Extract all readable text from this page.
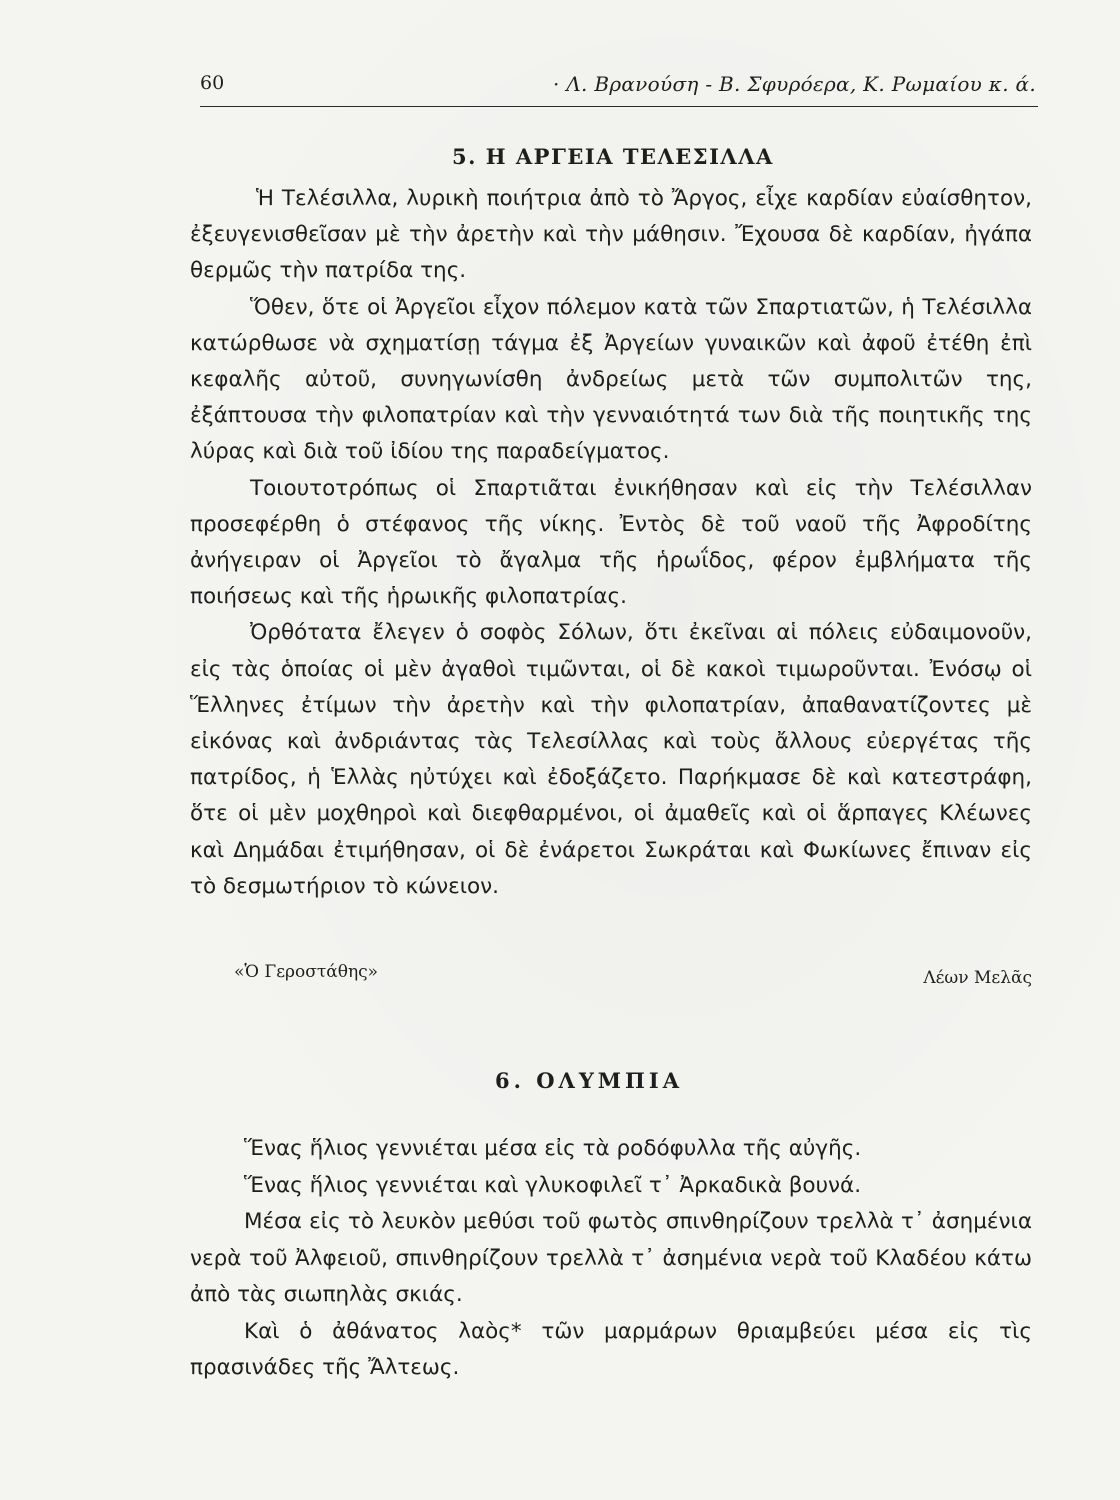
60	· Λ. Βρανούση - Β. Σφυρόερα, Κ. Ρωμαίου κ. ά.
5. Η ΑΡΓΕΙΑ ΤΕΛΕΣΙΛΛΑ

Ἡ Τελέσιλλα, λυρικὴ ποιήτρια ἀπὸ τὸ Ἄργος, εἶχε καρδίαν εὐαίσθητον, ἐξευγενισθεῖσαν μὲ τὴν ἀρετὴν καὶ τὴν μάθησιν. Ἔχουσα δὲ καρδίαν, ἠγάπα θερμῶς τὴν πατρίδα της.

Ὅθεν, ὅτε οἱ Ἀργεῖοι εἶχον πόλεμον κατὰ τῶν Σπαρτιατῶν, ἡ Τελέσιλλα κατώρθωσε νὰ σχηματίσῃ τάγμα ἐξ Ἀργείων γυναικῶν καὶ ἀφοῦ ἐτέθη ἐπὶ κεφαλῆς αὐτοῦ, συνηγωνίσθη ἀνδρείως μετὰ τῶν συμπολιτῶν της, ἐξάπτουσα τὴν φιλοπατρίαν καὶ τὴν γενναιότητά των διὰ τῆς ποιητικῆς της λύρας καὶ διὰ τοῦ ἰδίου της παραδείγματος.

Τοιουτοτρόπως οἱ Σπαρτιᾶται ἐνικήθησαν καὶ εἰς τὴν Τελέσιλλαν προσεφέρθη ὁ στέφανος τῆς νίκης. Ἐντὸς δὲ τοῦ ναοῦ τῆς Ἀφροδίτης ἀνήγειραν οἱ Ἀργεῖοι τὸ ἄγαλμα τῆς ἡρωΐδος, φέρον ἐμβλήματα τῆς ποιήσεως καὶ τῆς ἡρωικῆς φιλοπατρίας.

Ὀρθότατα ἔλεγεν ὁ σοφὸς Σόλων, ὅτι ἐκεῖναι αἱ πόλεις εὐδαιμονοῦν, εἰς τὰς ὁποίας οἱ μὲν ἀγαθοὶ τιμῶνται, οἱ δὲ κακοὶ τιμωροῦνται. Ἐνόσῳ οἱ Ἕλληνες ἐτίμων τὴν ἀρετὴν καὶ τὴν φιλοπατρίαν, ἀπαθανατίζοντες μὲ εἰκόνας καὶ ἀνδριάντας τὰς Τελεσίλλας καὶ τοὺς ἄλλους εὐεργέτας τῆς πατρίδος, ἡ Ἑλλὰς ηὐτύχει καὶ ἐδοξάζετο. Παρήκμασε δὲ καὶ κατεστράφη, ὅτε οἱ μὲν μοχθηροὶ καὶ διεφθαρμένοι, οἱ ἀμαθεῖς καὶ οἱ ἅρπαγες Κλέωνες καὶ Δημάδαι ἐτιμήθησαν, οἱ δὲ ἐνάρετοι Σωκράται καὶ Φωκίωνες ἔπιναν εἰς τὸ δεσμωτήριον τὸ κώνειον.

«Ὁ Γεροστάθης»	Λέων Μελᾶς
6. ΟΛΥΜΠΙΑ

Ἕνας ἥλιος γεννιέται μέσα εἰς τὰ ροδόφυλλα τῆς αὐγῆς.

Ἕνας ἥλιος γεννιέται καὶ γλυκοφιλεῖ τ᾽ Ἀρκαδικὰ βουνά.

Μέσα εἰς τὸ λευκὸν μεθύσι τοῦ φωτὸς σπινθηρίζουν τρελλὰ τ᾽ ἀσημένια νερὰ τοῦ Ἀλφειοῦ, σπινθηρίζουν τρελλὰ τ᾽ ἀσημένια νερὰ τοῦ Κλαδέου κάτω ἀπὸ τὰς σιωπηλὰς σκιάς.

Καὶ ὁ ἀθάνατος λαὸς* τῶν μαρμάρων θριαμβεύει μέσα εἰς τὶς πρασινάδες τῆς Ἄλτεως.
